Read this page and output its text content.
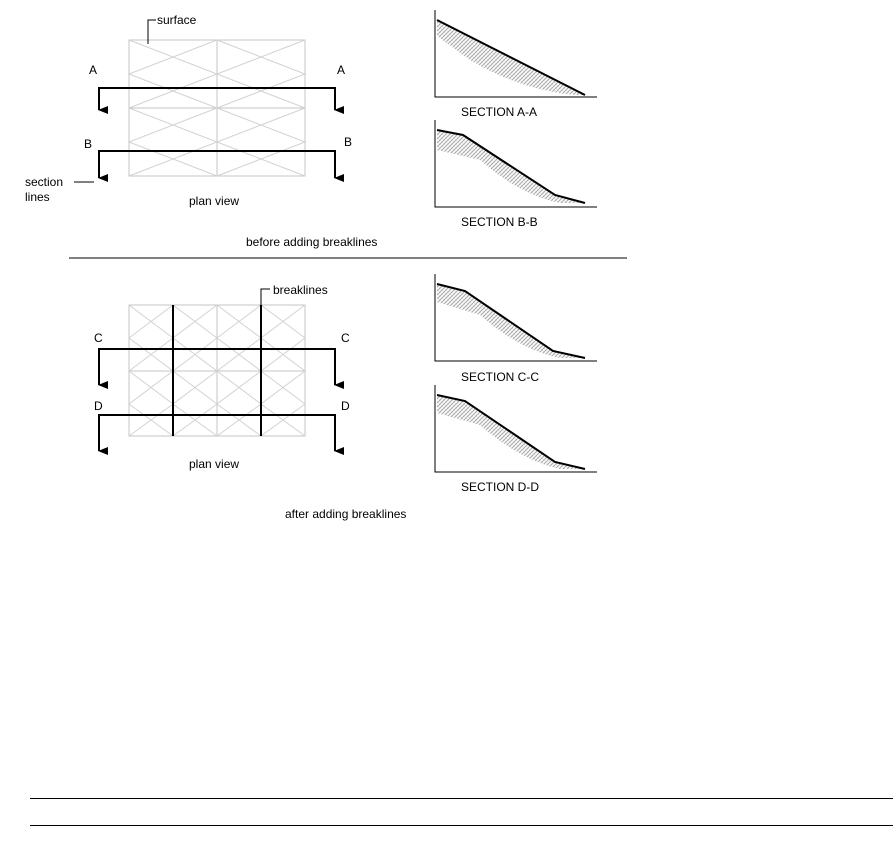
surface
A	A
B	B
section
lines	plan view
SECTION A-A
SECTION B-B
before adding breaklines
breaklines
C	C
D	D
plan view
SECTION C-C
SECTION D-D
after adding breaklines
